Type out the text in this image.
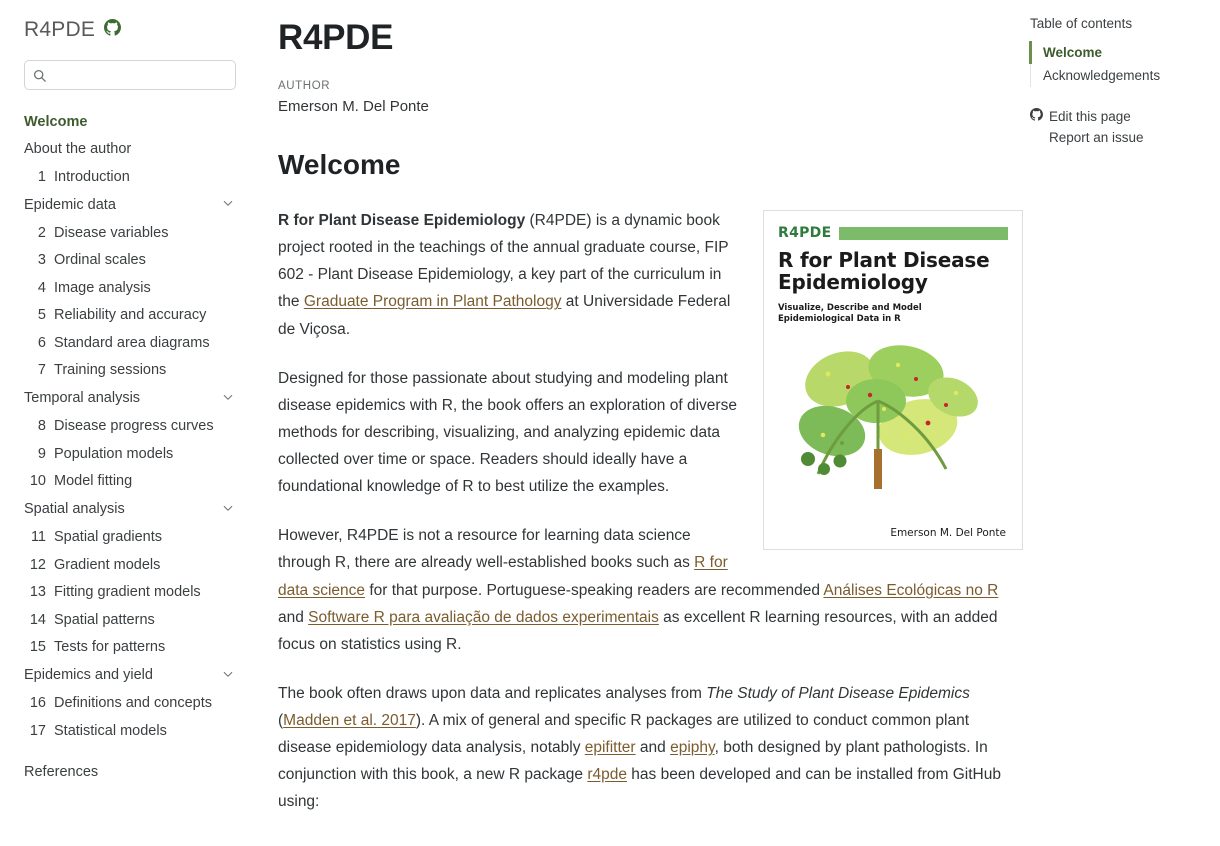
R4PDE
Welcome
About the author
1 Introduction
Epidemic data
2 Disease variables
3 Ordinal scales
4 Image analysis
5 Reliability and accuracy
6 Standard area diagrams
7 Training sessions
Temporal analysis
8 Disease progress curves
9 Population models
10 Model fitting
Spatial analysis
11 Spatial gradients
12 Gradient models
13 Fitting gradient models
14 Spatial patterns
15 Tests for patterns
Epidemics and yield
16 Definitions and concepts
17 Statistical models
References
R4PDE
AUTHOR
Emerson M. Del Ponte
Welcome
R4PDE
R for Plant Disease Epidemiology
Visualize, Describe and Model
Epidemiological Data in R
Emerson M. Del Ponte

R for Plant Disease Epidemiology (R4PDE) is a dynamic book project rooted in the teachings of the annual graduate course, FIP 602 - Plant Disease Epidemiology, a key part of the curriculum in the Graduate Program in Plant Pathology at Universidade Federal de Viçosa.

Designed for those passionate about studying and modeling plant disease epidemics with R, the book offers an exploration of diverse methods for describing, visualizing, and analyzing epidemic data collected over time or space. Readers should ideally have a foundational knowledge of R to best utilize the examples.

However, R4PDE is not a resource for learning data science through R, there are already well-established books such as R for data science for that purpose. Portuguese-speaking readers are recommended Análises Ecológicas no R and Software R para avaliação de dados experimentais as excellent R learning resources, with an added focus on statistics using R.

The book often draws upon data and replicates analyses from The Study of Plant Disease Epidemics (Madden et al. 2017). A mix of general and specific R packages are utilized to conduct common plant disease epidemiology data analysis, notably epifitter and epiphy, both designed by plant pathologists. In conjunction with this book, a new R package r4pde has been developed and can be installed from GitHub using:

Table of contents
Welcome
Acknowledgements
Edit this page
Report an issue
